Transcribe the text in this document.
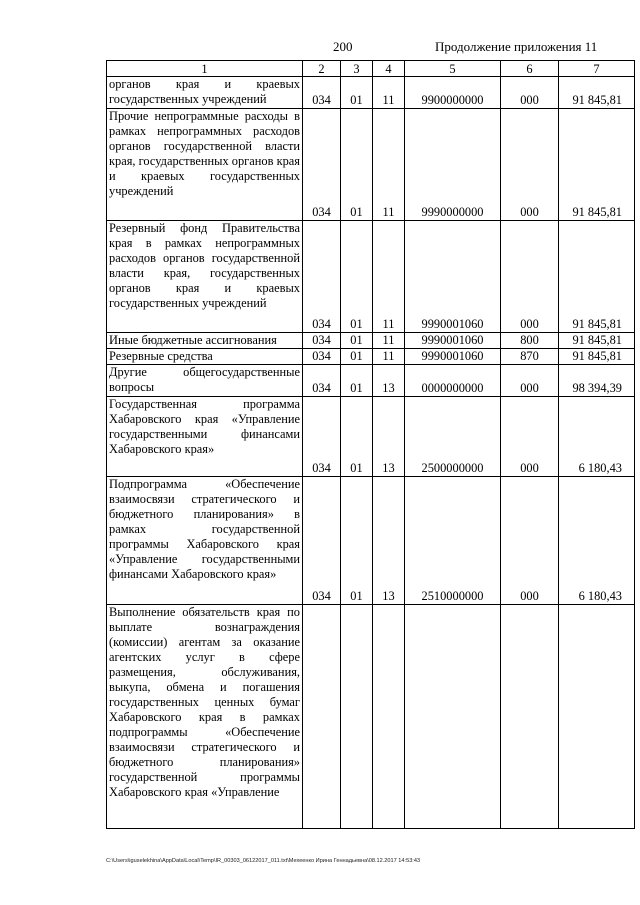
200	Продолжение приложения 11
1	2	3	4	5	6	7
органов края и краевых государственных учреждений	034	01	11	9900000000	000	91 845,81
Прочие непрограммные расходы в рамках непрограммных расходов органов государственной власти края, государственных органов края и краевых государственных учреждений	034	01	11	9990000000	000	91 845,81
Резервный фонд Правительства края в рамках непрограммных расходов органов государственной власти края, государственных органов края и краевых государственных учреждений	034	01	11	9990001060	000	91 845,81
Иные бюджетные ассигнования	034	01	11	9990001060	800	91 845,81
Резервные средства	034	01	11	9990001060	870	91 845,81
Другие общегосударственные вопросы	034	01	13	0000000000	000	98 394,39
Государственная программа Хабаровского края «Управление государственными финансами Хабаровского края»	034	01	13	2500000000	000	6 180,43
Подпрограмма «Обеспечение взаимосвязи стратегического и бюджетного планирования» в рамках государственной программы Хабаровского края «Управление государственными финансами Хабаровского края»	034	01	13	2510000000	000	6 180,43
Выполнение обязательств края по выплате вознаграждения (комиссии) агентам за оказание агентских услуг в сфере размещения, обслуживания, выкупа, обмена и погашения государственных ценных бумаг Хабаровского края в рамках подпрограммы «Обеспечение взаимосвязи стратегического и бюджетного планирования» государственной программы Хабаровского края «Управление						
C:\Users\iguselekhina\AppData\Local\Temp\IR_00303_06122017_011.txt\Мехеенко Ирина Геннадьевна\08.12.2017 14:53:43
